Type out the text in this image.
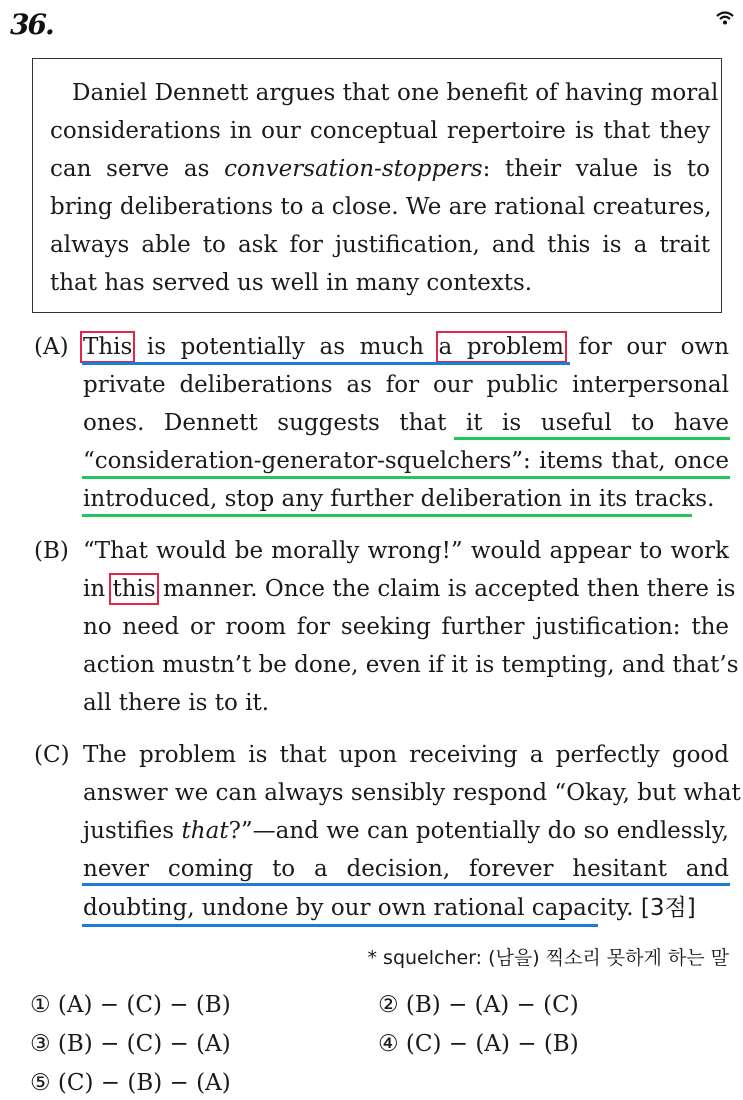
36.
Daniel Dennett argues that one benefit of having moral
considerations in our conceptual repertoire is that they
can serve as conversation-stoppers: their value is to
bring deliberations to a close. We are rational creatures,
always able to ask for justification, and this is a trait
that has served us well in many contexts.
(A) This is potentially as much a problem for our own
private deliberations as for our public interpersonal
ones. Dennett suggests that it is useful to have
“consideration-generator-squelchers”: items that, once
introduced, stop any further deliberation in its tracks.
(B) “That would be morally wrong!” would appear to work
in this manner. Once the claim is accepted then there is
no need or room for seeking further justification: the
action mustn’t be done, even if it is tempting, and that’s
all there is to it.
(C) The problem is that upon receiving a perfectly good
answer we can always sensibly respond “Okay, but what
justifies that?”—and we can potentially do so endlessly,
never coming to a decision, forever hesitant and
doubting, undone by our own rational capacity. [3점]
* squelcher: (남을) 찍소리 못하게 하는 말
① (A) − (C) − (B)	② (B) − (A) − (C)
③ (B) − (C) − (A)	④ (C) − (A) − (B)
⑤ (C) − (B) − (A)
